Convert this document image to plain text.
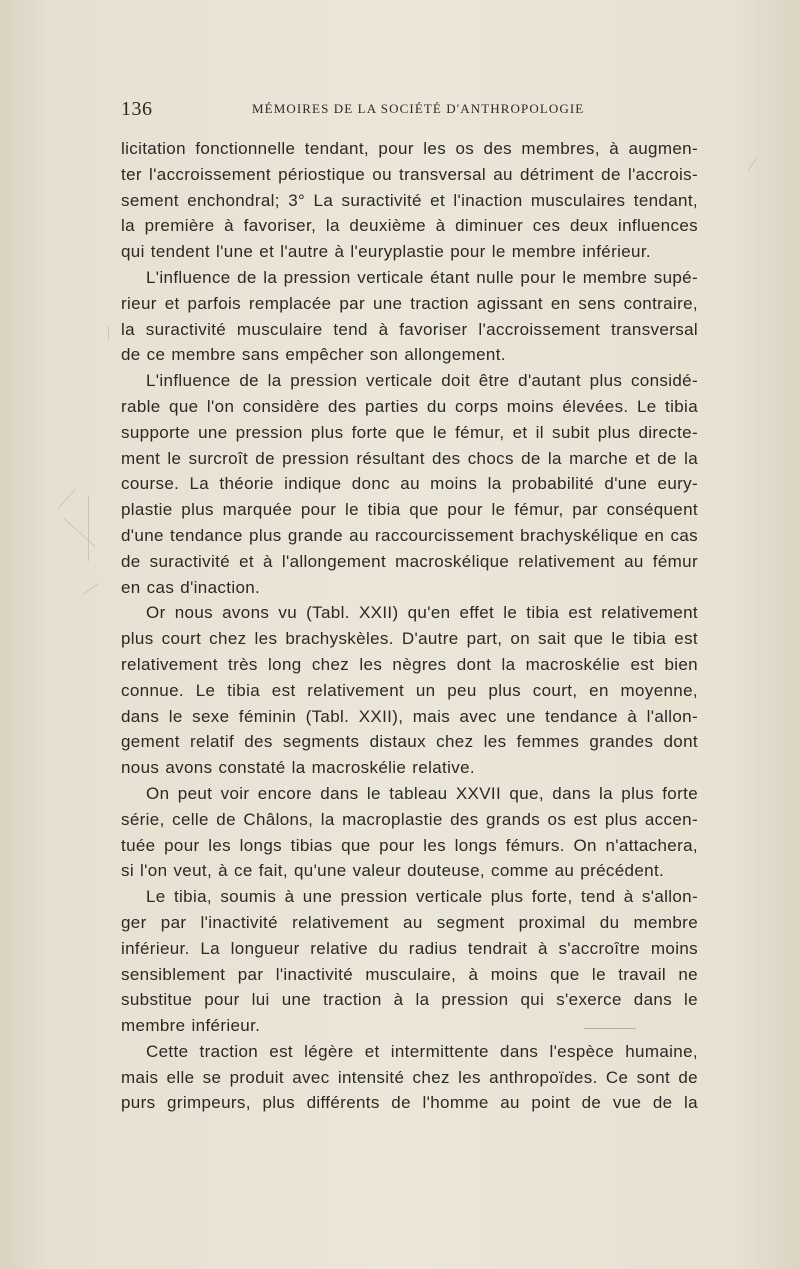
136	MÉMOIRES DE LA SOCIÉTÉ D'ANTHROPOLOGIE
licitation fonctionnelle tendant, pour les os des membres, à augmen-
ter l'accroissement périostique ou transversal au détriment de l'accrois-
sement enchondral; 3° La suractivité et l'inaction musculaires tendant,
la première à favoriser, la deuxième à diminuer ces deux influences
qui tendent l'une et l'autre à l'euryplastie pour le membre inférieur.
L'influence de la pression verticale étant nulle pour le membre supé-
rieur et parfois remplacée par une traction agissant en sens contraire,
la suractivité musculaire tend à favoriser l'accroissement transversal
de ce membre sans empêcher son allongement.
L'influence de la pression verticale doit être d'autant plus considé-
rable que l'on considère des parties du corps moins élevées. Le tibia
supporte une pression plus forte que le fémur, et il subit plus directe-
ment le surcroît de pression résultant des chocs de la marche et de la
course. La théorie indique donc au moins la probabilité d'une eury-
plastie plus marquée pour le tibia que pour le fémur, par conséquent
d'une tendance plus grande au raccourcissement brachyskélique en cas
de suractivité et à l'allongement macroskélique relativement au fémur
en cas d'inaction.
Or nous avons vu (Tabl. XXII) qu'en effet le tibia est relativement
plus court chez les brachyskèles. D'autre part, on sait que le tibia est
relativement très long chez les nègres dont la macroskélie est bien
connue. Le tibia est relativement un peu plus court, en moyenne,
dans le sexe féminin (Tabl. XXII), mais avec une tendance à l'allon-
gement relatif des segments distaux chez les femmes grandes dont
nous avons constaté la macroskélie relative.
On peut voir encore dans le tableau XXVII que, dans la plus forte
série, celle de Châlons, la macroplastie des grands os est plus accen-
tuée pour les longs tibias que pour les longs fémurs. On n'attachera,
si l'on veut, à ce fait, qu'une valeur douteuse, comme au précédent.
Le tibia, soumis à une pression verticale plus forte, tend à s'allon-
ger par l'inactivité relativement au segment proximal du membre
inférieur. La longueur relative du radius tendrait à s'accroître moins
sensiblement par l'inactivité musculaire, à moins que le travail ne
substitue pour lui une traction à la pression qui s'exerce dans le
membre inférieur.
Cette traction est légère et intermittente dans l'espèce humaine,
mais elle se produit avec intensité chez les anthropoïdes. Ce sont de
purs grimpeurs, plus différents de l'homme au point de vue de la
